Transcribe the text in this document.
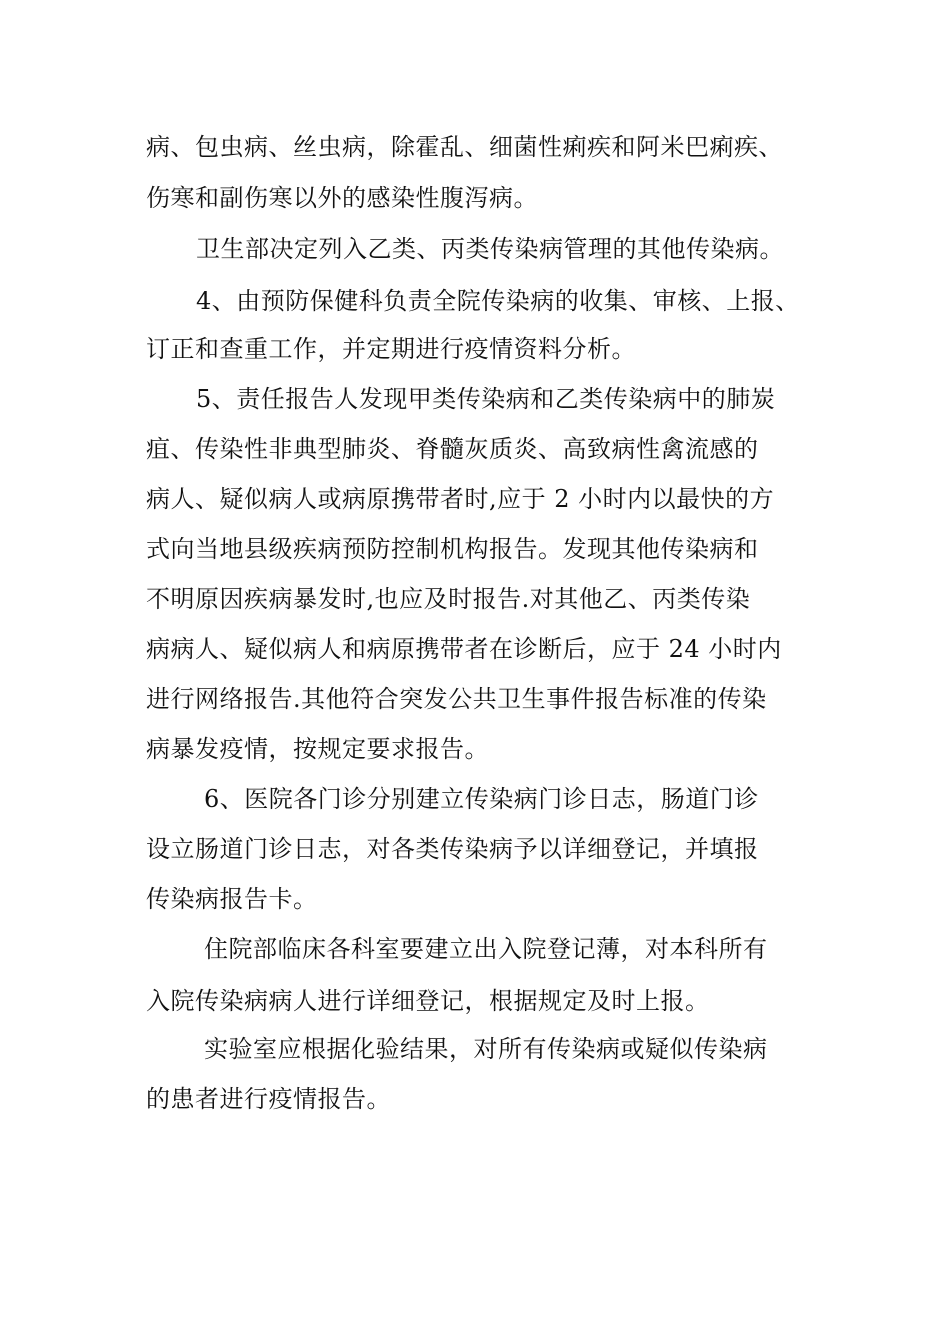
病、包虫病、丝虫病，除霍乱、细菌性痢疾和阿米巴痢疾、
伤寒和副伤寒以外的感染性腹泻病。
卫生部决定列入乙类、丙类传染病管理的其他传染病。
4、由预防保健科负责全院传染病的收集、审核、上报、
订正和查重工作，并定期进行疫情资料分析。
5、责任报告人发现甲类传染病和乙类传染病中的肺炭
疽、传染性非典型肺炎、脊髓灰质炎、高致病性禽流感的
病人、疑似病人或病原携带者时,应于 2 小时内以最快的方
式向当地县级疾病预防控制机构报告。发现其他传染病和
不明原因疾病暴发时,也应及时报告.对其他乙、丙类传染
病病人、疑似病人和病原携带者在诊断后，应于 24 小时内
进行网络报告.其他符合突发公共卫生事件报告标准的传染
病暴发疫情，按规定要求报告。
6、医院各门诊分别建立传染病门诊日志，肠道门诊
设立肠道门诊日志，对各类传染病予以详细登记，并填报
传染病报告卡。
住院部临床各科室要建立出入院登记薄，对本科所有
入院传染病病人进行详细登记，根据规定及时上报。
实验室应根据化验结果，对所有传染病或疑似传染病
的患者进行疫情报告。
